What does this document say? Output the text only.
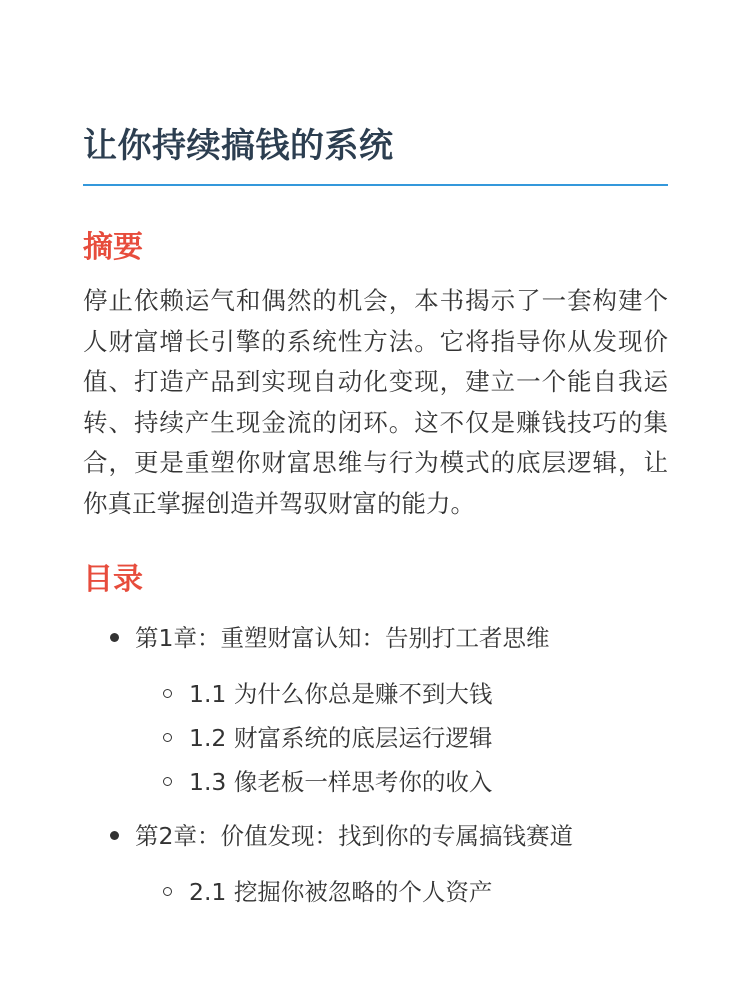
让你持续搞钱的系统
摘要

停止依赖运气和偶然的机会，本书揭示了一套构建个人财富增长引擎的系统性方法。它将指导你从发现价值、打造产品到实现自动化变现，建立一个能自我运转、持续产生现金流的闭环。这不仅是赚钱技巧的集合，更是重塑你财富思维与行为模式的底层逻辑，让你真正掌握创造并驾驭财富的能力。

目录
第1章：重塑财富认知：告别打工者思维
1.1 为什么你总是赚不到大钱
1.2 财富系统的底层运行逻辑
1.3 像老板一样思考你的收入
第2章：价值发现：找到你的专属搞钱赛道
2.1 挖掘你被忽略的个人资产
